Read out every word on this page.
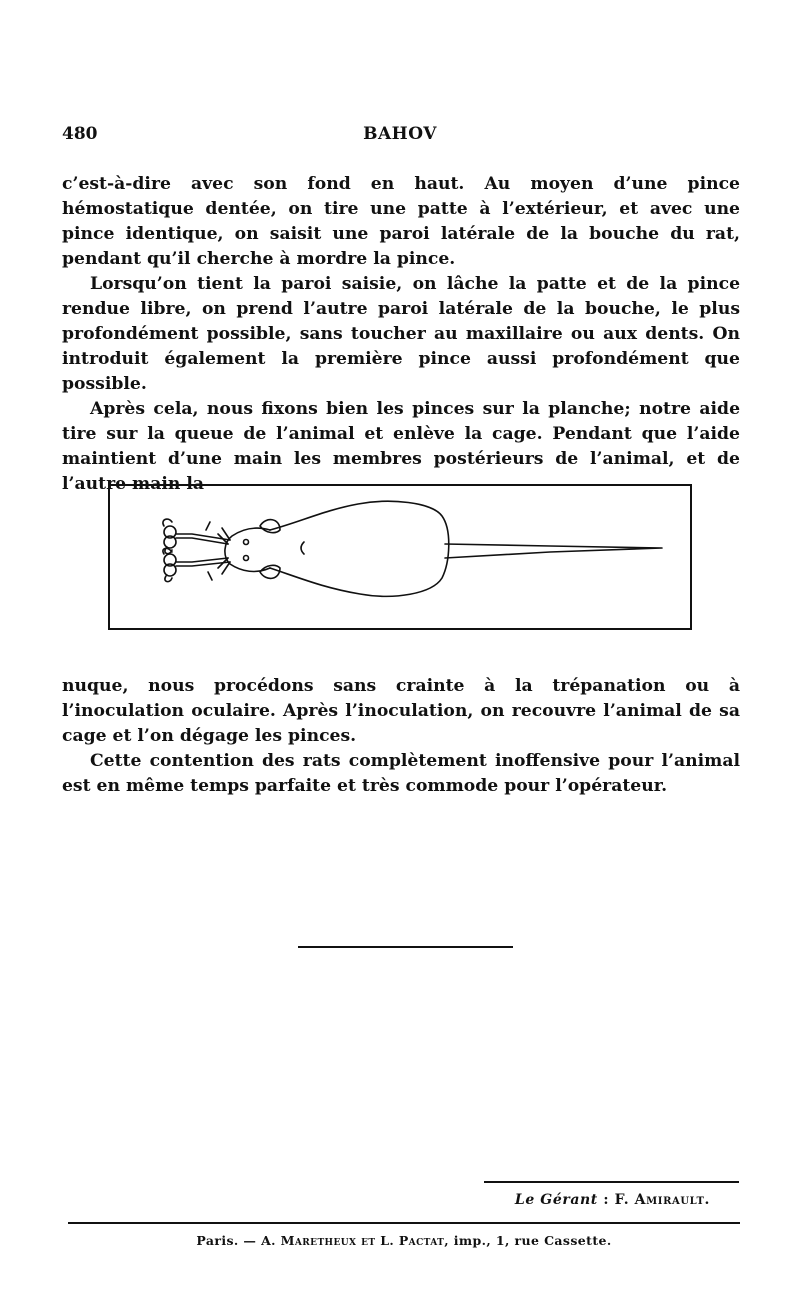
480	BAHOV

c’est-à-dire avec son fond en haut. Au moyen d’une pince hémostatique dentée, on tire une patte à l’extérieur, et avec une pince identique, on saisit une paroi latérale de la bouche du rat, pendant qu’il cherche à mordre la pince.

Lorsqu’on tient la paroi saisie, on lâche la patte et de la pince rendue libre, on prend l’autre paroi latérale de la bouche, le plus profondément possible, sans toucher au maxillaire ou aux dents. On introduit également la première pince aussi profondément que possible.

Après cela, nous fixons bien les pinces sur la planche; notre aide tire sur la queue de l’animal et enlève la cage. Pendant que l’aide maintient d’une main les membres postérieurs de l’animal, et de l’autre main la

nuque, nous procédons sans crainte à la trépanation ou à l’inoculation oculaire. Après l’inoculation, on recouvre l’animal de sa cage et l’on dégage les pinces.

Cette contention des rats complètement inoffensive pour l’animal est en même temps parfaite et très commode pour l’opérateur.

Le Gérant : F. Amirault.
Paris. — A. Maretheux et L. Pactat, imp., 1, rue Cassette.
